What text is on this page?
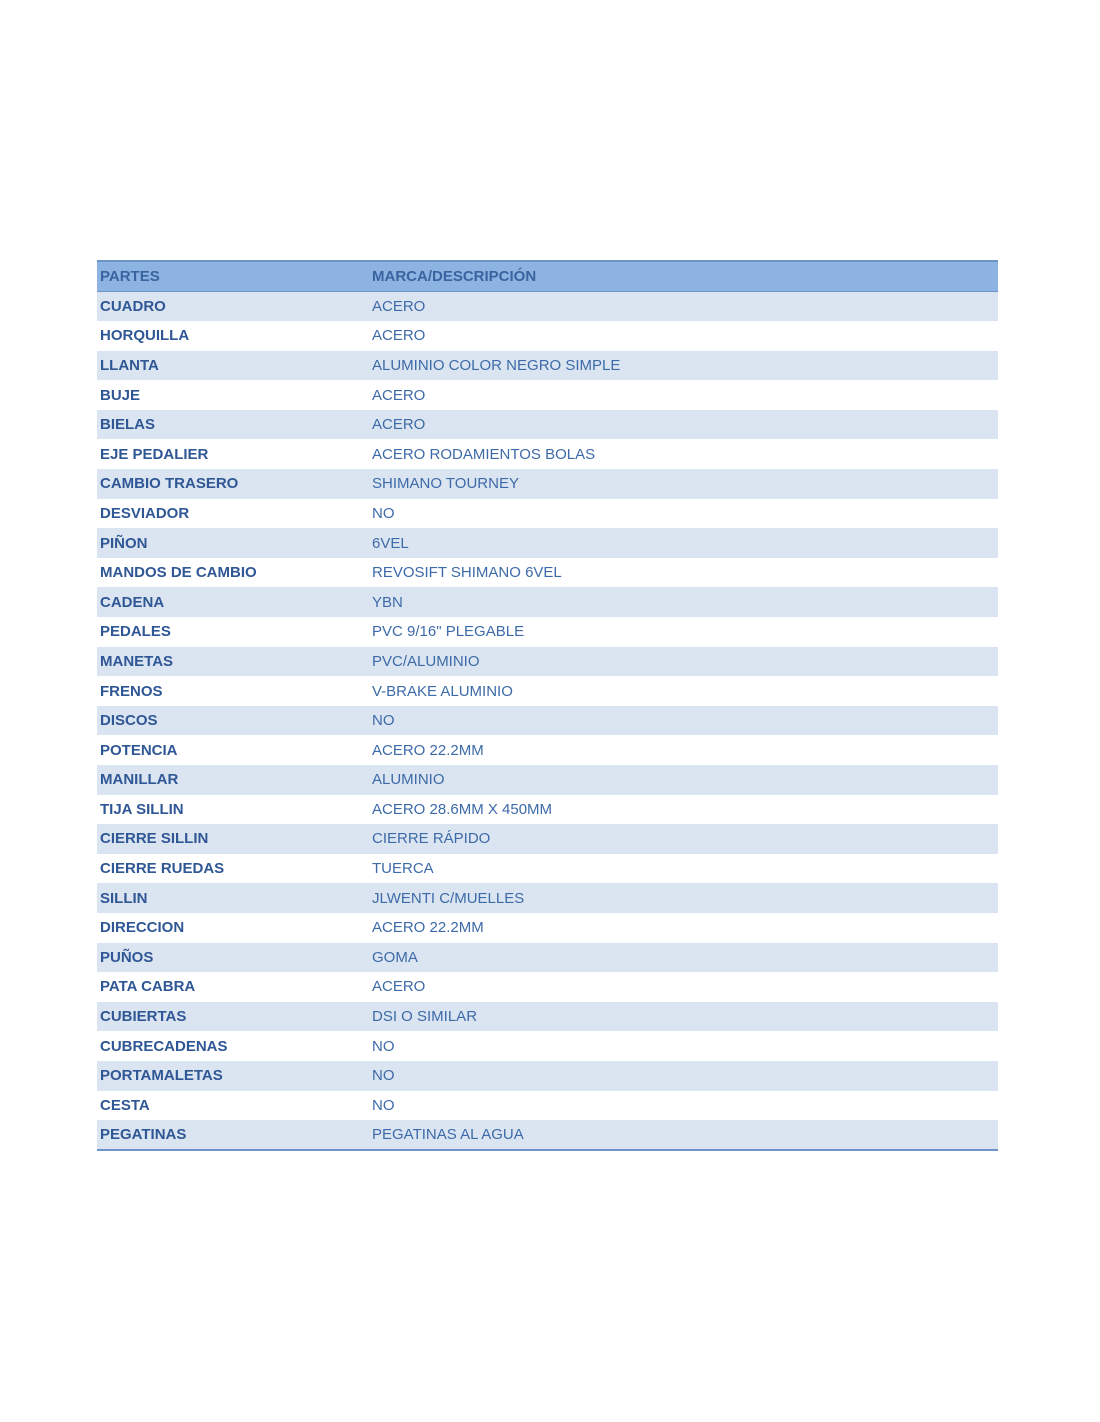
PARTES	MARCA/DESCRIPCIÓN
CUADRO	ACERO
HORQUILLA	ACERO
LLANTA	ALUMINIO COLOR NEGRO SIMPLE
BUJE	ACERO
BIELAS	ACERO
EJE PEDALIER	ACERO RODAMIENTOS BOLAS
CAMBIO TRASERO	SHIMANO TOURNEY
DESVIADOR	NO
PIÑON	6VEL
MANDOS DE CAMBIO	REVOSIFT SHIMANO 6VEL
CADENA	YBN
PEDALES	PVC 9/16" PLEGABLE
MANETAS	PVC/ALUMINIO
FRENOS	V-BRAKE ALUMINIO
DISCOS	NO
POTENCIA	ACERO 22.2MM
MANILLAR	ALUMINIO
TIJA SILLIN	ACERO 28.6MM X 450MM
CIERRE SILLIN	CIERRE RÁPIDO
CIERRE RUEDAS	TUERCA
SILLIN	JLWENTI C/MUELLES
DIRECCION	ACERO 22.2MM
PUÑOS	GOMA
PATA CABRA	ACERO
CUBIERTAS	DSI O SIMILAR
CUBRECADENAS	NO
PORTAMALETAS	NO
CESTA	NO
PEGATINAS	PEGATINAS AL AGUA
